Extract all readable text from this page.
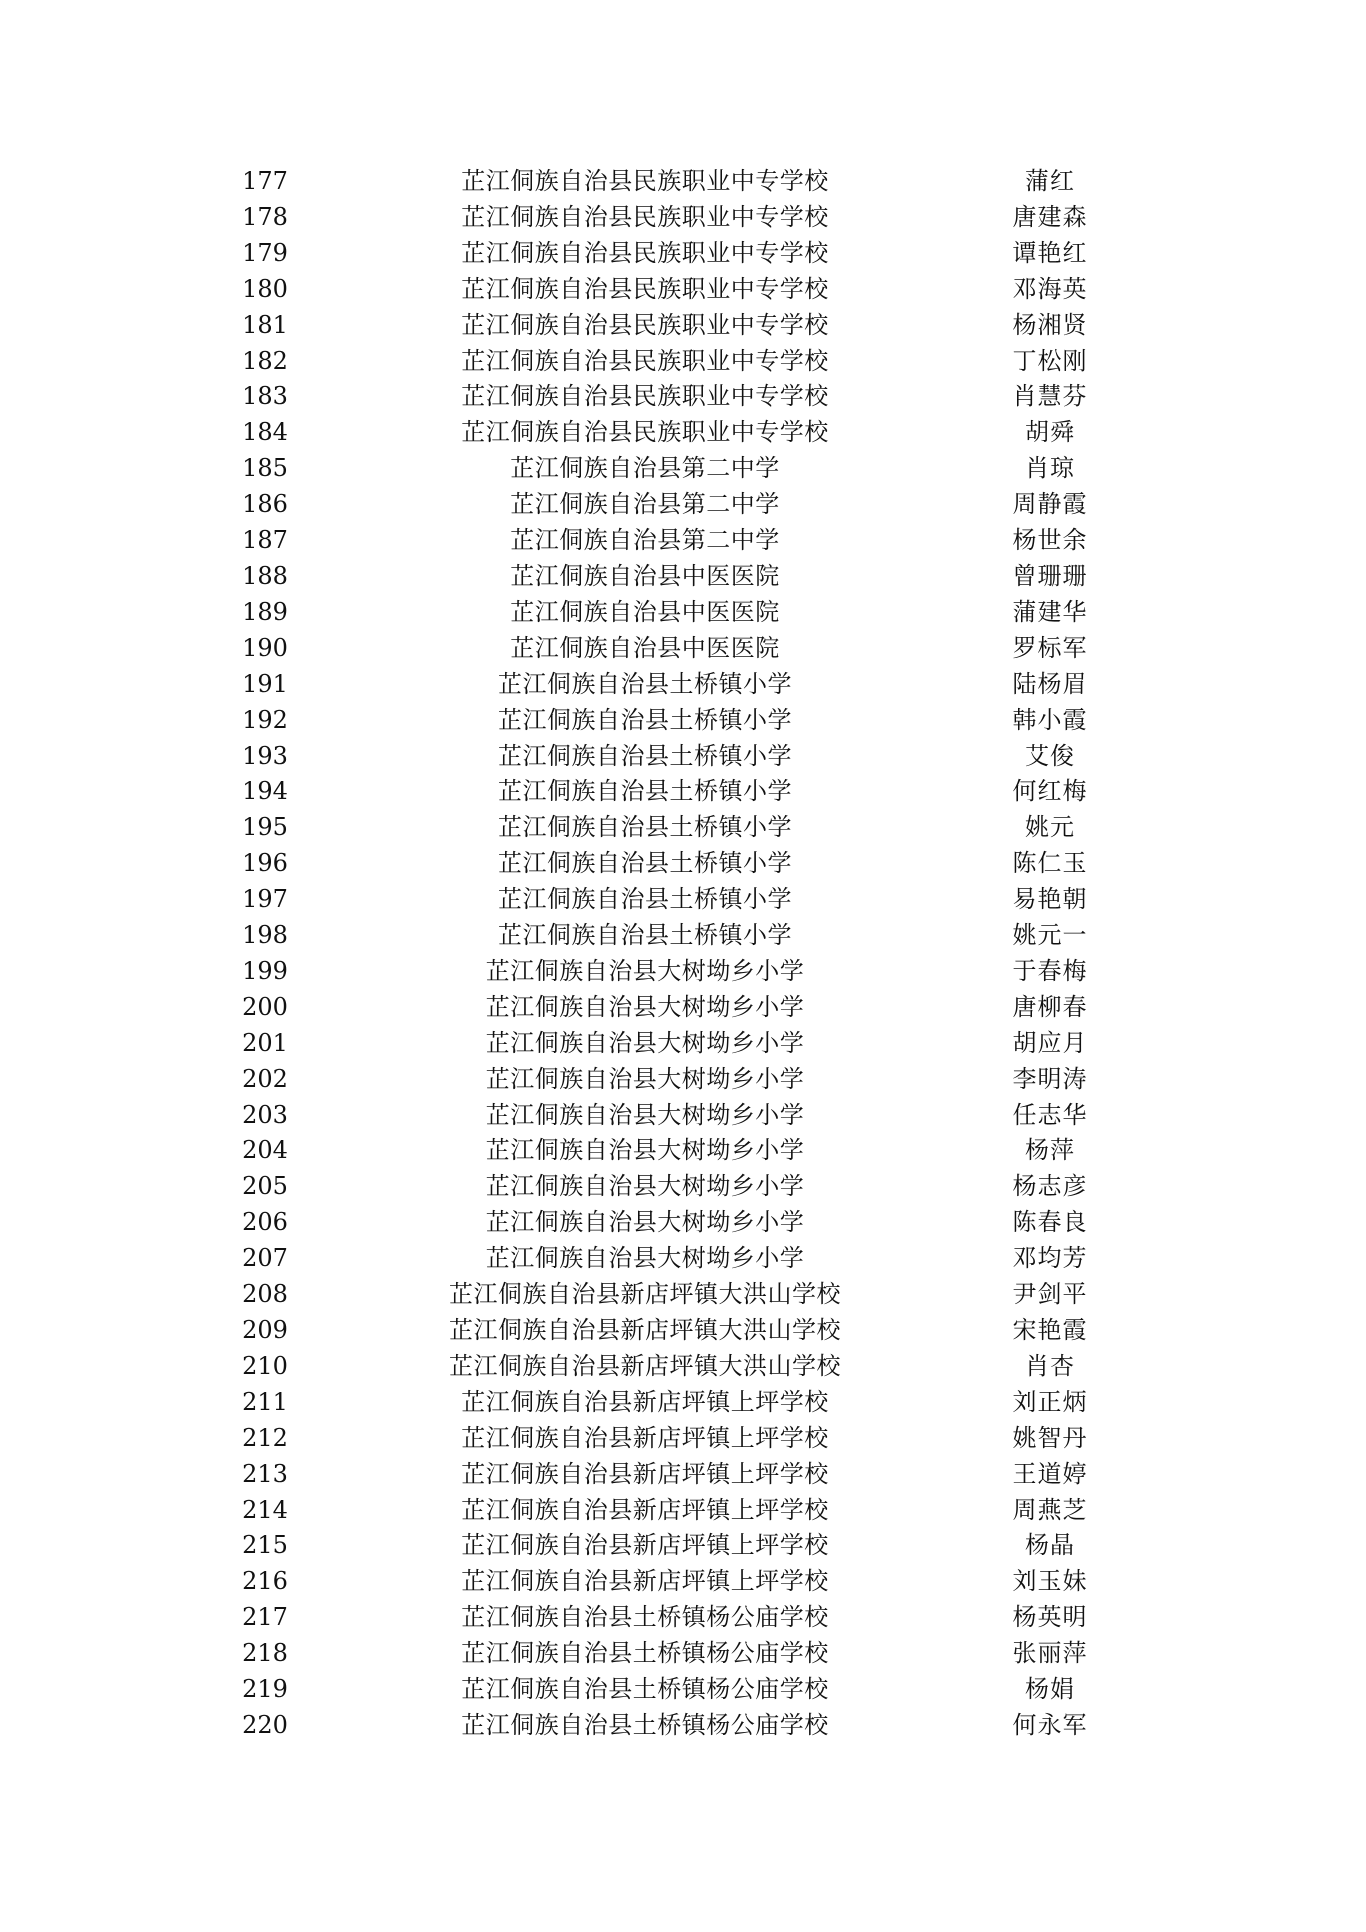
177	芷江侗族自治县民族职业中专学校	蒲红
178	芷江侗族自治县民族职业中专学校	唐建森
179	芷江侗族自治县民族职业中专学校	谭艳红
180	芷江侗族自治县民族职业中专学校	邓海英
181	芷江侗族自治县民族职业中专学校	杨湘贤
182	芷江侗族自治县民族职业中专学校	丁松刚
183	芷江侗族自治县民族职业中专学校	肖慧芬
184	芷江侗族自治县民族职业中专学校	胡舜
185	芷江侗族自治县第二中学	肖琼
186	芷江侗族自治县第二中学	周静霞
187	芷江侗族自治县第二中学	杨世余
188	芷江侗族自治县中医医院	曾珊珊
189	芷江侗族自治县中医医院	蒲建华
190	芷江侗族自治县中医医院	罗标军
191	芷江侗族自治县土桥镇小学	陆杨眉
192	芷江侗族自治县土桥镇小学	韩小霞
193	芷江侗族自治县土桥镇小学	艾俊
194	芷江侗族自治县土桥镇小学	何红梅
195	芷江侗族自治县土桥镇小学	姚元
196	芷江侗族自治县土桥镇小学	陈仁玉
197	芷江侗族自治县土桥镇小学	易艳朝
198	芷江侗族自治县土桥镇小学	姚元一
199	芷江侗族自治县大树坳乡小学	于春梅
200	芷江侗族自治县大树坳乡小学	唐柳春
201	芷江侗族自治县大树坳乡小学	胡应月
202	芷江侗族自治县大树坳乡小学	李明涛
203	芷江侗族自治县大树坳乡小学	任志华
204	芷江侗族自治县大树坳乡小学	杨萍
205	芷江侗族自治县大树坳乡小学	杨志彦
206	芷江侗族自治县大树坳乡小学	陈春良
207	芷江侗族自治县大树坳乡小学	邓均芳
208	芷江侗族自治县新店坪镇大洪山学校	尹剑平
209	芷江侗族自治县新店坪镇大洪山学校	宋艳霞
210	芷江侗族自治县新店坪镇大洪山学校	肖杏
211	芷江侗族自治县新店坪镇上坪学校	刘正炳
212	芷江侗族自治县新店坪镇上坪学校	姚智丹
213	芷江侗族自治县新店坪镇上坪学校	王道婷
214	芷江侗族自治县新店坪镇上坪学校	周燕芝
215	芷江侗族自治县新店坪镇上坪学校	杨晶
216	芷江侗族自治县新店坪镇上坪学校	刘玉妹
217	芷江侗族自治县土桥镇杨公庙学校	杨英明
218	芷江侗族自治县土桥镇杨公庙学校	张丽萍
219	芷江侗族自治县土桥镇杨公庙学校	杨娟
220	芷江侗族自治县土桥镇杨公庙学校	何永军
